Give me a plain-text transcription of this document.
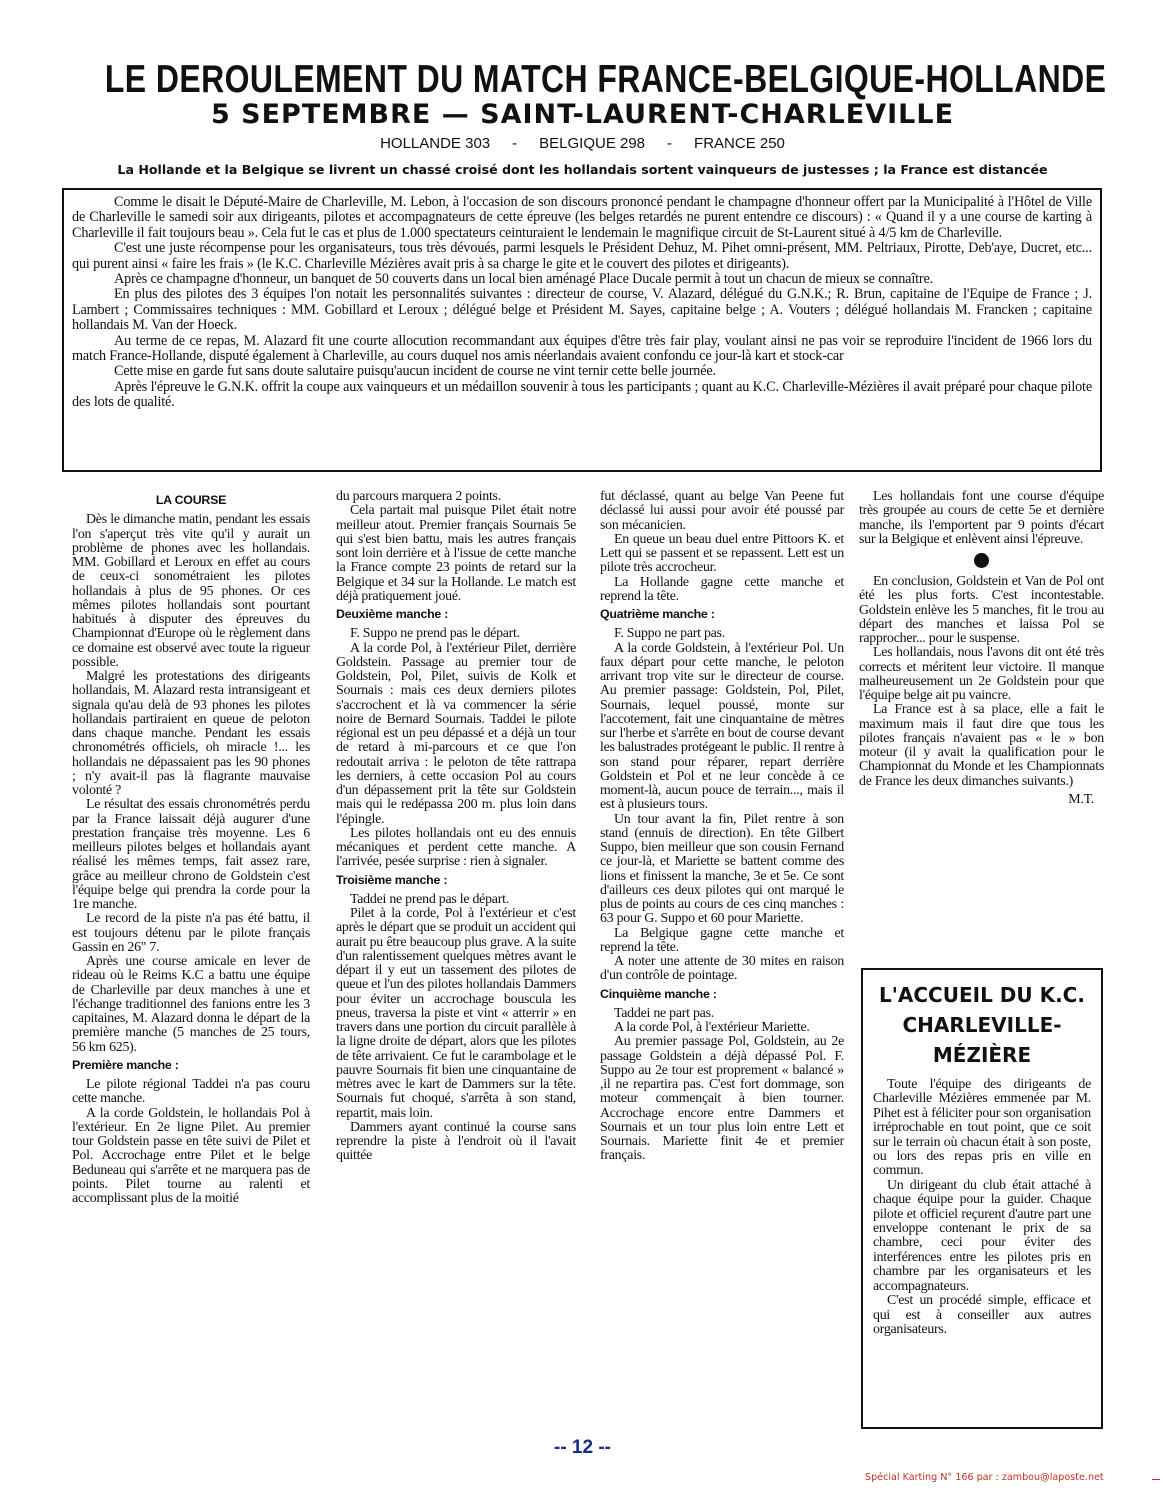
LE DEROULEMENT DU MATCH FRANCE-BELGIQUE-HOLLANDE
5 SEPTEMBRE — SAINT-LAURENT-CHARLEVILLE
HOLLANDE 303 - BELGIQUE 298 - FRANCE 250
La Hollande et la Belgique se livrent un chassé croisé dont les hollandais sortent vainqueurs de justesses ; la France est distancée

Comme le disait le Député-Maire de Charleville, M. Lebon, à l'occasion de son discours prononcé pendant le champagne d'honneur offert par la Municipalité à l'Hôtel de Ville de Charleville le samedi soir aux dirigeants, pilotes et accompagnateurs de cette épreuve (les belges retardés ne purent entendre ce discours) : « Quand il y a une course de karting à Charleville il fait toujours beau ». Cela fut le cas et plus de 1.000 spectateurs ceinturaient le lendemain le magnifique circuit de St-Laurent situé à 4/5 km de Charleville.

C'est une juste récompense pour les organisateurs, tous très dévoués, parmi lesquels le Président Dehuz, M. Pihet omni-présent, MM. Peltriaux, Pirotte, Deb'aye, Ducret, etc... qui purent ainsi « faire les frais » (le K.C. Charleville Mézières avait pris à sa charge le gite et le couvert des pilotes et dirigeants).

Après ce champagne d'honneur, un banquet de 50 couverts dans un local bien aménagé Place Ducale permit à tout un chacun de mieux se connaître.

En plus des pilotes des 3 équipes l'on notait les personnalités suivantes : directeur de course, V. Alazard, délégué du G.N.K.; R. Brun, capitaine de l'Equipe de France ; J. Lambert ; Commissaires techniques : MM. Gobillard et Leroux ; délégué belge et Président M. Sayes, capitaine belge ; A. Vouters ; délégué hollandais M. Francken ; capitaine hollandais M. Van der Hoeck.

Au terme de ce repas, M. Alazard fit une courte allocution recommandant aux équipes d'être très fair play, voulant ainsi ne pas voir se reproduire l'incident de 1966 lors du match France-Hollande, disputé également à Charleville, au cours duquel nos amis néerlandais avaient confondu ce jour-là kart et stock-car

Cette mise en garde fut sans doute salutaire puisqu'aucun incident de course ne vint ternir cette belle journée.

Après l'épreuve le G.N.K. offrit la coupe aux vainqueurs et un médaillon souvenir à tous les participants ; quant au K.C. Charleville-Mézières il avait préparé pour chaque pilote des lots de qualité.

LA COURSE

Dès le dimanche matin, pendant les essais l'on s'aperçut très vite qu'il y aurait un problème de phones avec les hollandais. MM. Gobillard et Leroux en effet au cours de ceux-ci sonométraient les pilotes hollandais à plus de 95 phones. Or ces mêmes pilotes hollandais sont pourtant habitués à disputer des épreuves du Championnat d'Europe où le règlement dans ce domaine est observé avec toute la rigueur possible.

Malgré les protestations des dirigeants hollandais, M. Alazard resta intransigeant et signala qu'au delà de 93 phones les pilotes hollandais partiraient en queue de peloton dans chaque manche. Pendant les essais chronométrés officiels, oh miracle !... les hollandais ne dépassaient pas les 90 phones ; n'y avait-il pas là flagrante mauvaise volonté ?

Le résultat des essais chronométrés perdu par la France laissait déjà augurer d'une prestation française très moyenne. Les 6 meilleurs pilotes belges et hollandais ayant réalisé les mêmes temps, fait assez rare, grâce au meilleur chrono de Goldstein c'est l'équipe belge qui prendra la corde pour la 1re manche.

Le record de la piste n'a pas été battu, il est toujours détenu par le pilote français Gassin en 26" 7.

Après une course amicale en lever de rideau où le Reims K.C a battu une équipe de Charleville par deux manches à une et l'échange traditionnel des fanions entre les 3 capitaines, M. Alazard donna le départ de la première manche (5 manches de 25 tours, 56 km 625).

Première manche :

Le pilote régional Taddei n'a pas couru cette manche.

A la corde Goldstein, le hollandais Pol à l'extérieur. En 2e ligne Pilet. Au premier tour Goldstein passe en tête suivi de Pilet et Pol. Accrochage entre Pilet et le belge Beduneau qui s'arrête et ne marquera pas de points. Pilet tourne au ralenti et accomplissant plus de la moitié

du parcours marquera 2 points.

Cela partait mal puisque Pilet était notre meilleur atout. Premier français Sournais 5e qui s'est bien battu, mais les autres français sont loin derrière et à l'issue de cette manche la France compte 23 points de retard sur la Belgique et 34 sur la Hollande. Le match est déjà pratiquement joué.

Deuxième manche :

F. Suppo ne prend pas le départ.

A la corde Pol, à l'extérieur Pilet, derrière Goldstein. Passage au premier tour de Goldstein, Pol, Pilet, suivis de Kolk et Sournais : mais ces deux derniers pilotes s'accrochent et là va commencer la série noire de Bernard Sournais. Taddei le pilote régional est un peu dépassé et a déjà un tour de retard à mi-parcours et ce que l'on redoutait arriva : le peloton de tête rattrapa les derniers, à cette occasion Pol au cours d'un dépassement prit la tête sur Goldstein mais qui le redépassa 200 m. plus loin dans l'épingle.

Les pilotes hollandais ont eu des ennuis mécaniques et perdent cette manche. A l'arrivée, pesée surprise : rien à signaler.

Troisième manche :

Taddei ne prend pas le départ.

Pilet à la corde, Pol à l'extérieur et c'est après le départ que se produit un accident qui aurait pu être beaucoup plus grave. A la suite d'un ralentissement quelques mètres avant le départ il y eut un tassement des pilotes de queue et l'un des pilotes hollandais Dammers pour éviter un accrochage bouscula les pneus, traversa la piste et vint « atterrir » en travers dans une portion du circuit parallèle à la ligne droite de départ, alors que les pilotes de tête arrivaient. Ce fut le carambolage et le pauvre Sournais fit bien une cinquantaine de mètres avec le kart de Dammers sur la tête. Sournais fut choqué, s'arrêta à son stand, repartit, mais loin.

Dammers ayant continué la course sans reprendre la piste à l'endroit où il l'avait quittée

fut déclassé, quant au belge Van Peene fut déclassé lui aussi pour avoir été poussé par son mécanicien.

En queue un beau duel entre Pittoors K. et Lett qui se passent et se repassent. Lett est un pilote très accrocheur.

La Hollande gagne cette manche et reprend la tête.

Quatrième manche :

F. Suppo ne part pas.

A la corde Goldstein, à l'extérieur Pol. Un faux départ pour cette manche, le peloton arrivant trop vite sur le directeur de course. Au premier passage: Goldstein, Pol, Pilet, Sournais, lequel poussé, monte sur l'accotement, fait une cinquantaine de mètres sur l'herbe et s'arrête en bout de course devant les balustrades protégeant le public. Il rentre à son stand pour réparer, repart derrière Goldstein et Pol et ne leur concède à ce moment-là, aucun pouce de terrain..., mais il est à plusieurs tours.

Un tour avant la fin, Pilet rentre à son stand (ennuis de direction). En tête Gilbert Suppo, bien meilleur que son cousin Fernand ce jour-là, et Mariette se battent comme des lions et finissent la manche, 3e et 5e. Ce sont d'ailleurs ces deux pilotes qui ont marqué le plus de points au cours de ces cinq manches : 63 pour G. Suppo et 60 pour Mariette.

La Belgique gagne cette manche et reprend la tête.

A noter une attente de 30 mites en raison d'un contrôle de pointage.

Cinquième manche :

Taddei ne part pas.

A la corde Pol, à l'extérieur Mariette.

Au premier passage Pol, Goldstein, au 2e passage Goldstein a déjà dépassé Pol. F. Suppo au 2e tour est proprement « balancé » ,il ne repartira pas. C'est fort dommage, son moteur commençait à bien tourner. Accrochage encore entre Dammers et Sournais et un tour plus loin entre Lett et Sournais. Mariette finit 4e et premier français.

Les hollandais font une course d'équipe très groupée au cours de cette 5e et dernière manche, ils l'emportent par 9 points d'écart sur la Belgique et enlèvent ainsi l'épreuve.

En conclusion, Goldstein et Van de Pol ont été les plus forts. C'est incontestable. Goldstein enlève les 5 manches, fit le trou au départ des manches et laissa Pol se rapprocher... pour le suspense.

Les hollandais, nous l'avons dit ont été très corrects et méritent leur victoire. Il manque malheureusement un 2e Goldstein pour que l'équipe belge ait pu vaincre.

La France est à sa place, elle a fait le maximum mais il faut dire que tous les pilotes français n'avaient pas « le » bon moteur (il y avait la qualification pour le Championnat du Monde et les Championnats de France les deux dimanches suivants.)

M.T.
L'ACCUEIL DU K.C.
CHARLEVILLE-
MÉZIÈRE

Toute l'équipe des dirigeants de Charleville Mézières emmenée par M. Pihet est à féliciter pour son organisation irréprochable en tout point, que ce soit sur le terrain où chacun était à son poste, ou lors des repas pris en ville en commun.

Un dirigeant du club était attaché à chaque équipe pour la guider. Chaque pilote et officiel reçurent d'autre part une enveloppe contenant le prix de sa chambre, ceci pour éviter des interférences entre les pilotes pris en chambre par les organisateurs et les accompagnateurs.

C'est un procédé simple, efficace et qui est à conseiller aux autres organisateurs.

-- 12 --
Spécial Karting N° 166 par : zambou@laposte.net
